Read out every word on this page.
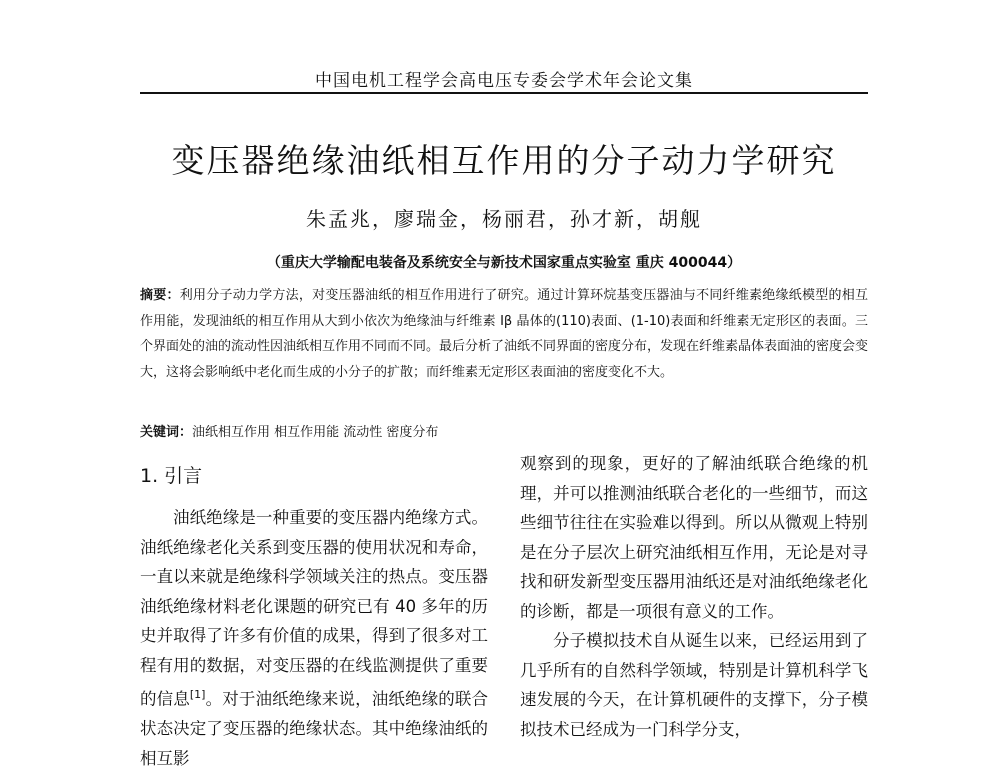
中国电机工程学会高电压专委会学术年会论文集
变压器绝缘油纸相互作用的分子动力学研究
朱孟兆，廖瑞金，杨丽君，孙才新，胡舰
（重庆大学输配电装备及系统安全与新技术国家重点实验室 重庆 400044）
摘要：利用分子动力学方法，对变压器油纸的相互作用进行了研究。通过计算环烷基变压器油与不同纤维素绝缘纸模型的相互作用能，发现油纸的相互作用从大到小依次为绝缘油与纤维素 Iβ 晶体的(110)表面、(1-10)表面和纤维素无定形区的表面。三个界面处的油的流动性因油纸相互作用不同而不同。最后分析了油纸不同界面的密度分布，发现在纤维素晶体表面油的密度会变大，这将会影响纸中老化而生成的小分子的扩散；而纤维素无定形区表面油的密度变化不大。
关键词：油纸相互作用 相互作用能 流动性 密度分布
1. 引言

油纸绝缘是一种重要的变压器内绝缘方式。油纸绝缘老化关系到变压器的使用状况和寿命，一直以来就是绝缘科学领域关注的热点。变压器油纸绝缘材料老化课题的研究已有 40 多年的历史并取得了许多有价值的成果，得到了很多对工程有用的数据，对变压器的在线监测提供了重要的信息[1]。对于油纸绝缘来说，油纸绝缘的联合状态决定了变压器的绝缘状态。其中绝缘油纸的相互影

观察到的现象，更好的了解油纸联合绝缘的机理，并可以推测油纸联合老化的一些细节，而这些细节往往在实验难以得到。所以从微观上特别是在分子层次上研究油纸相互作用，无论是对寻找和研发新型变压器用油纸还是对油纸绝缘老化的诊断，都是一项很有意义的工作。

分子模拟技术自从诞生以来，已经运用到了几乎所有的自然科学领域，特别是计算机科学飞速发展的今天，在计算机硬件的支撑下，分子模拟技术已经成为一门科学分支，
